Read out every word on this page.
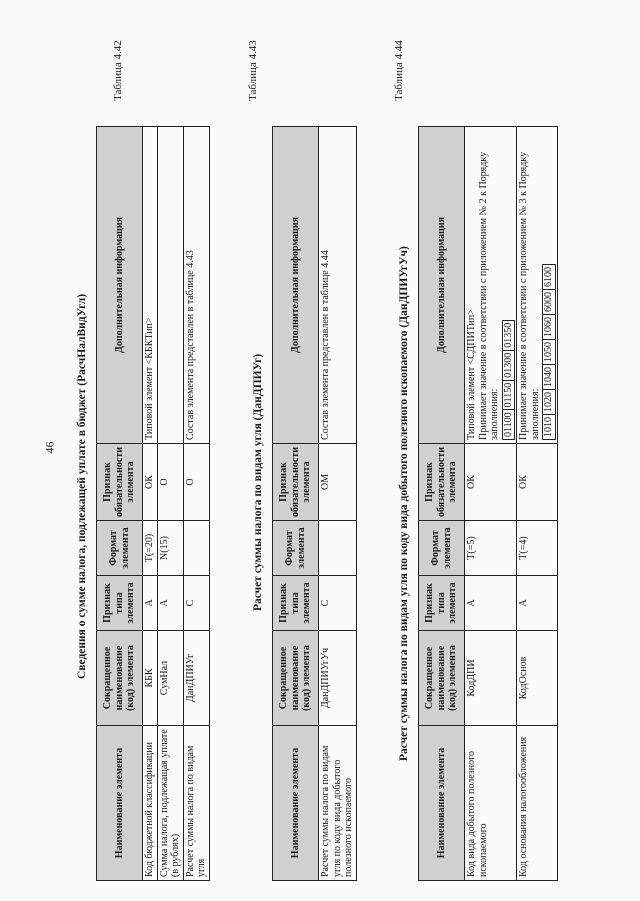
46
Таблица 4.42
Сведения о сумме налога, подлежащей уплате в бюджет (РасчНалВидУгл)
Наименование элемента	Сокращенное наименование (код) элемента	Признак типа элемента	Формат элемента	Признак обязательности элемента	Дополнительная информация
Код бюджетной классификации	КБК	А	T(=20)	ОК	Типовой элемент <КБКТип>
Сумма налога, подлежащая уплате (в рублях)	СумНал	А	N(15)	О	
Расчет суммы налога по видам угля	ДанДПИУг	С		О	Состав элемента представлен в таблице 4.43
Таблица 4.43
Расчет суммы налога по видам угля (ДанДПИУг)
Наименование элемента	Сокращенное наименование (код) элемента	Признак типа элемента	Формат элемента	Признак обязательности элемента	Дополнительная информация
Расчет суммы налога по видам угля по коду вида добытого полезного ископаемого	ДанДПИУгУч	С		ОМ	Состав элемента представлен в таблице 4.44
Таблица 4.44
Расчет суммы налога по видам угля по коду вида добытого полезного ископаемого (ДанДПИУгУч)
Наименование элемента	Сокращенное наименование (код) элемента	Признак типа элемента	Формат элемента	Признак обязательности элемента	Дополнительная информация
Код вида добытого полезного ископаемого	КодДПИ	А	T(=5)	ОК	Типовой элемент <СДПИТип> Принимает значение в соответствии с приложением № 2 к Порядку заполнения: 01100011500130001350

Код основания налогообложения	КодОснов	А	T(=4)	ОК	Принимает значение в соответствии с приложением № 3 к Порядку заполнения: 1010102010401050106060006100
